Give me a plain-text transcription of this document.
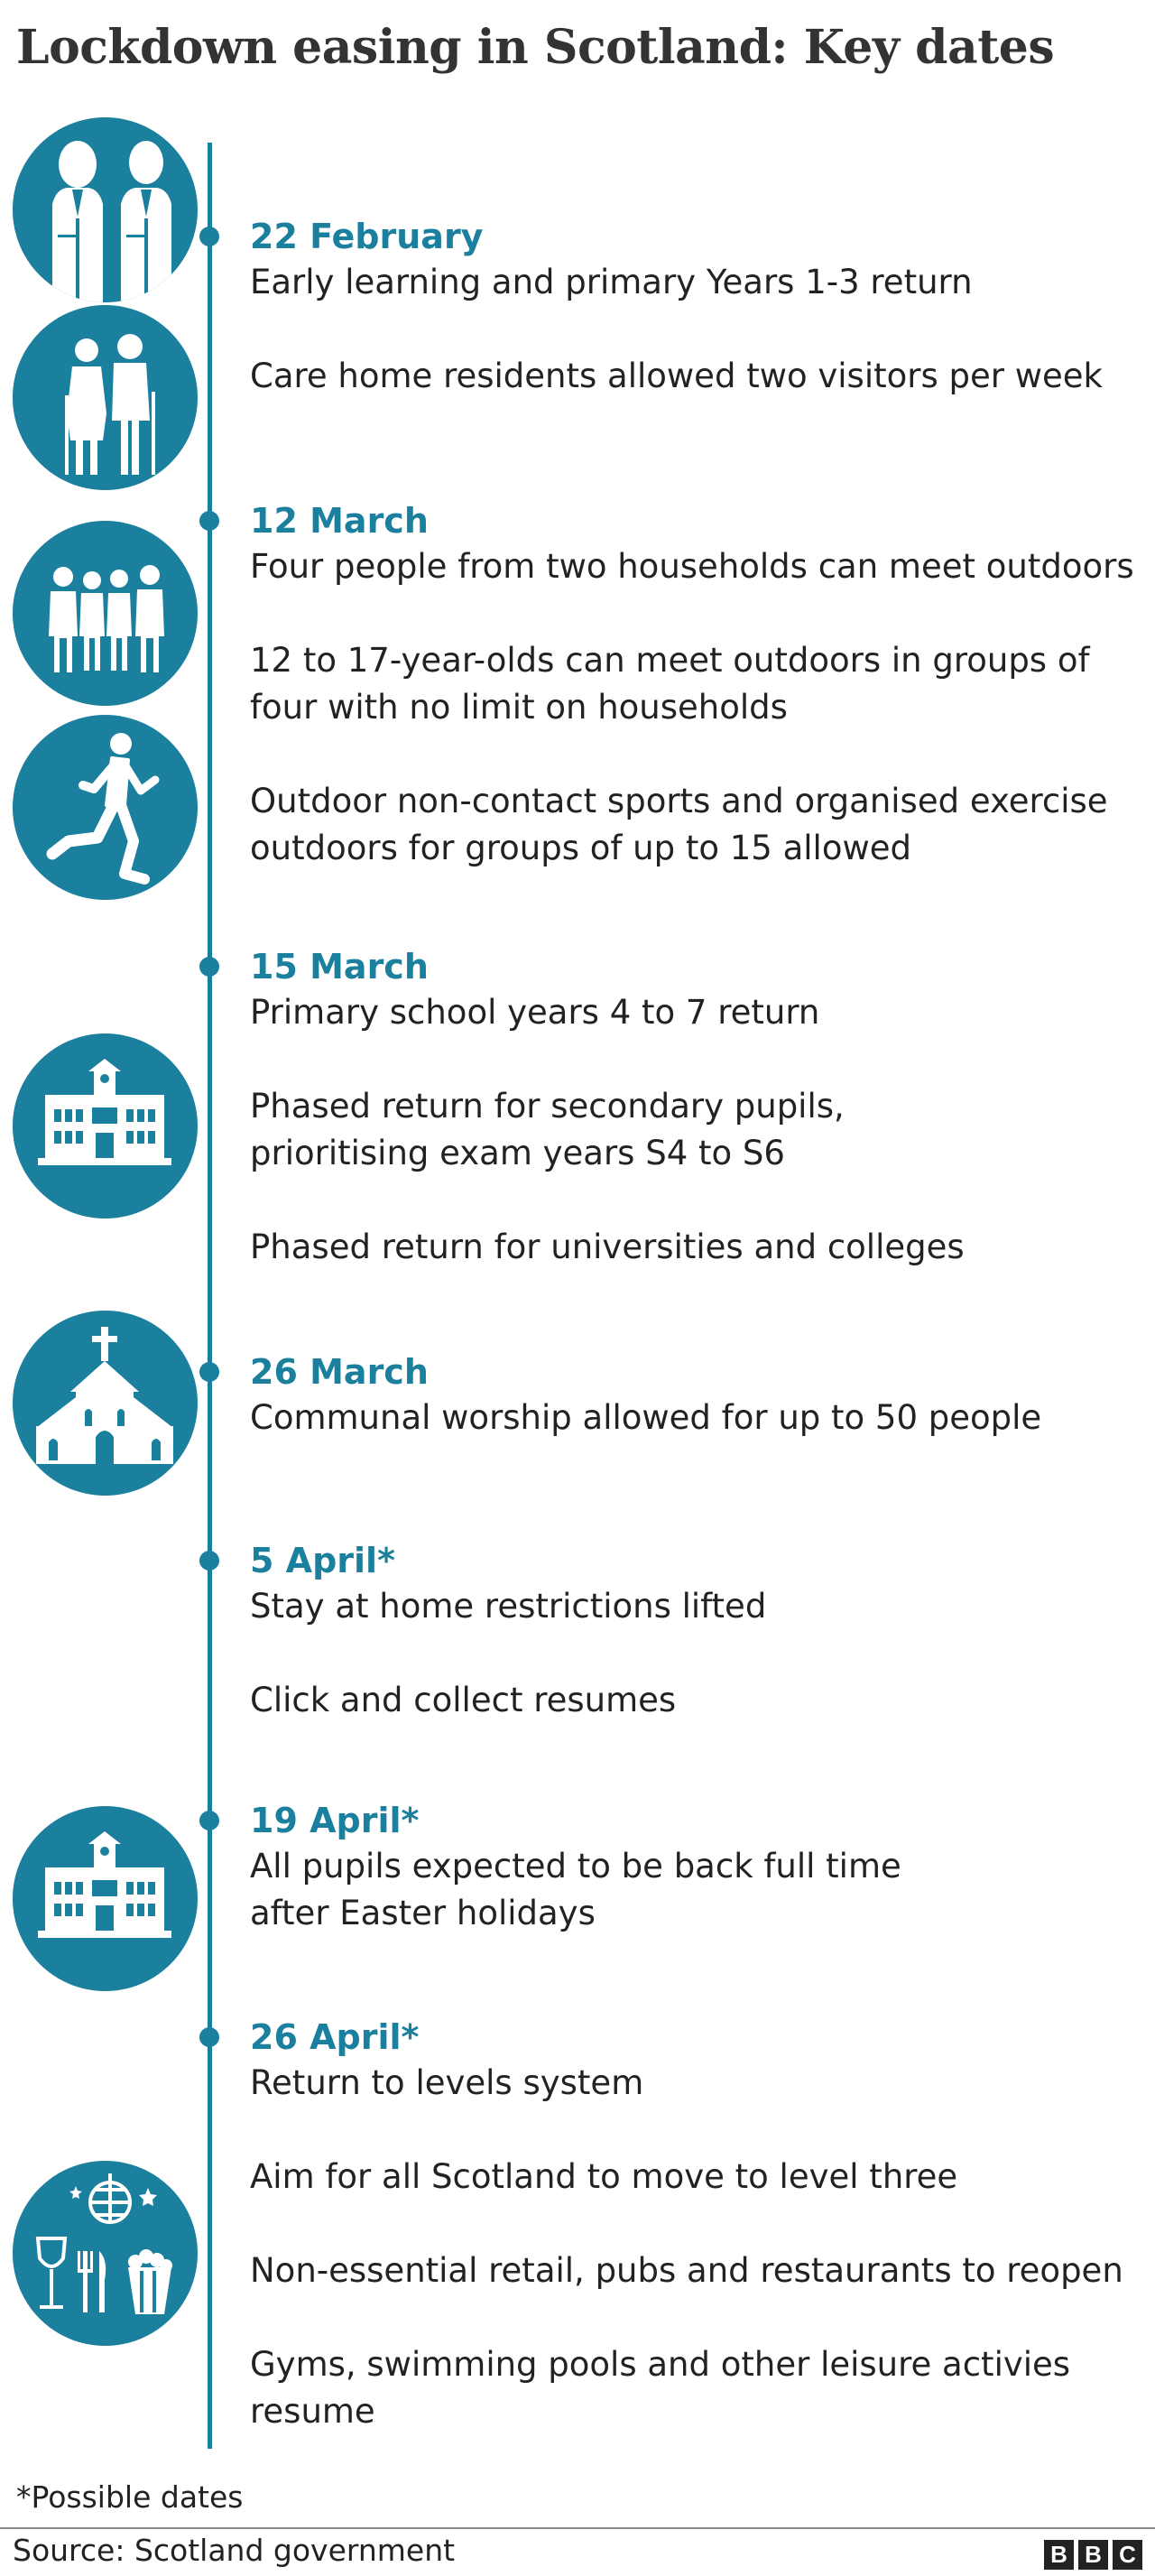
Lockdown easing in Scotland: Key dates
22 February
Early learning and primary Years 1-3 return
Care home residents allowed two visitors per week
12 March
Four people from two households can meet outdoors
12 to 17-year-olds can meet outdoors in groups of four with no limit on households
Outdoor non-contact sports and organised exercise outdoors for groups of up to 15 allowed
15 March
Primary school years 4 to 7 return
Phased return for secondary pupils, prioritising exam years S4 to S6
Phased return for universities and colleges
26 March
Communal worship allowed for up to 50 people
5 April*
Stay at home restrictions lifted
Click and collect resumes
19 April*
All pupils expected to be back full time after Easter holidays
26 April*
Return to levels system
Aim for all Scotland to move to level three
Non-essential retail, pubs and restaurants to reopen
Gyms, swimming pools and other leisure activies resume
*Possible dates
Source: Scotland government	B B C
